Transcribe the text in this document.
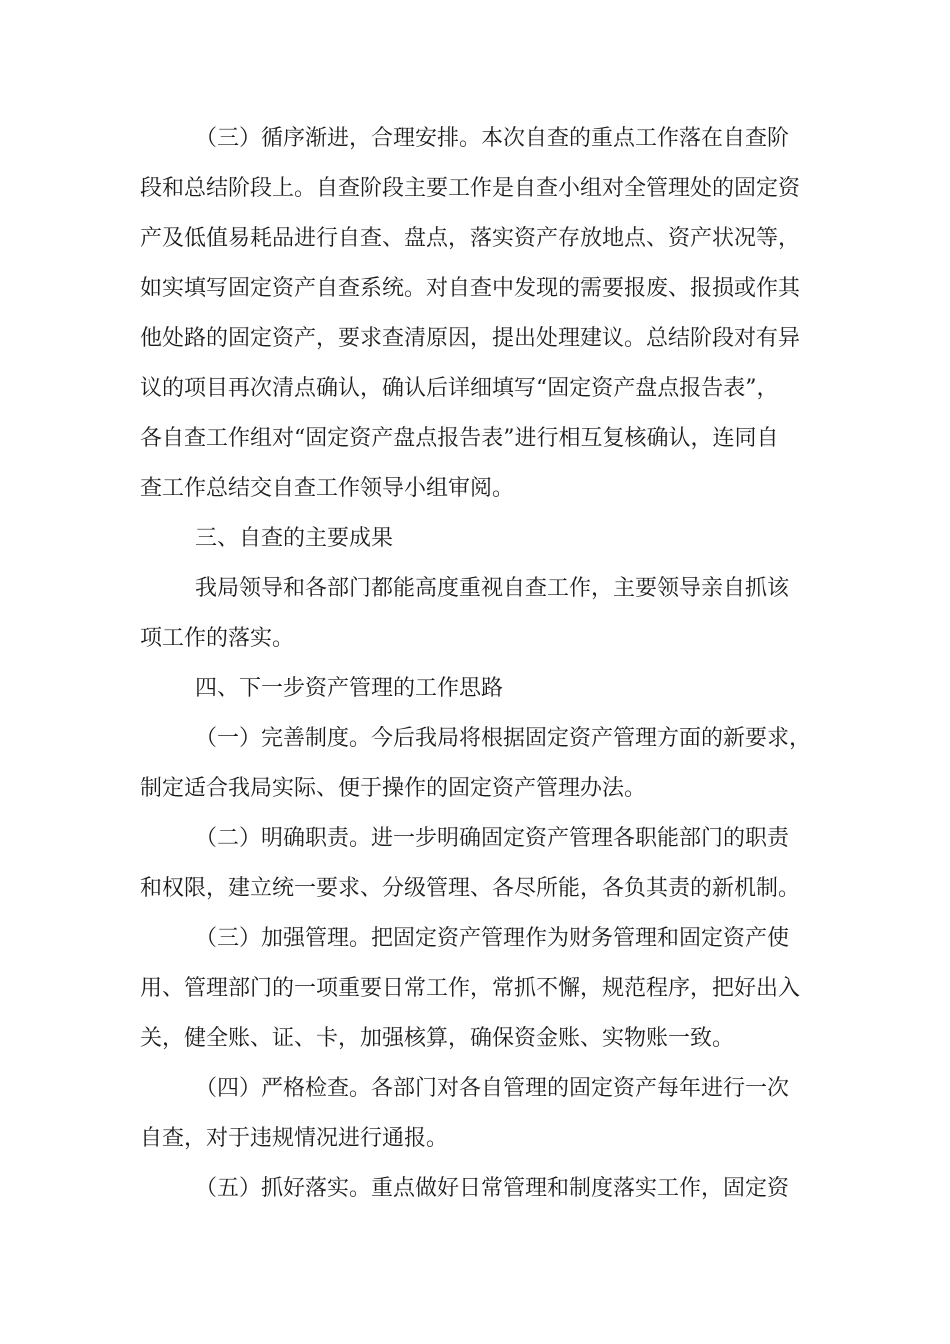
（三）循序渐进，合理安排。本次自查的重点工作落在自查阶
段和总结阶段上。自查阶段主要工作是自查小组对全管理处的固定资
产及低值易耗品进行自查、盘点，落实资产存放地点、资产状况等，
如实填写固定资产自查系统。对自查中发现的需要报废、报损或作其
他处路的固定资产，要求查清原因，提出处理建议。总结阶段对有异
议的项目再次清点确认，确认后详细填写“固定资产盘点报告表”，
各自查工作组对“固定资产盘点报告表”进行相互复核确认，连同自
查工作总结交自查工作领导小组审阅。
三、自查的主要成果
我局领导和各部门都能高度重视自查工作，主要领导亲自抓该
项工作的落实。
四、下一步资产管理的工作思路
（一）完善制度。今后我局将根据固定资产管理方面的新要求，
制定适合我局实际、便于操作的固定资产管理办法。
（二）明确职责。进一步明确固定资产管理各职能部门的职责
和权限，建立统一要求、分级管理、各尽所能，各负其责的新机制。
（三）加强管理。把固定资产管理作为财务管理和固定资产使
用、管理部门的一项重要日常工作，常抓不懈，规范程序，把好出入
关，健全账、证、卡，加强核算，确保资金账、实物账一致。
（四）严格检查。各部门对各自管理的固定资产每年进行一次
自查，对于违规情况进行通报。
（五）抓好落实。重点做好日常管理和制度落实工作，固定资
